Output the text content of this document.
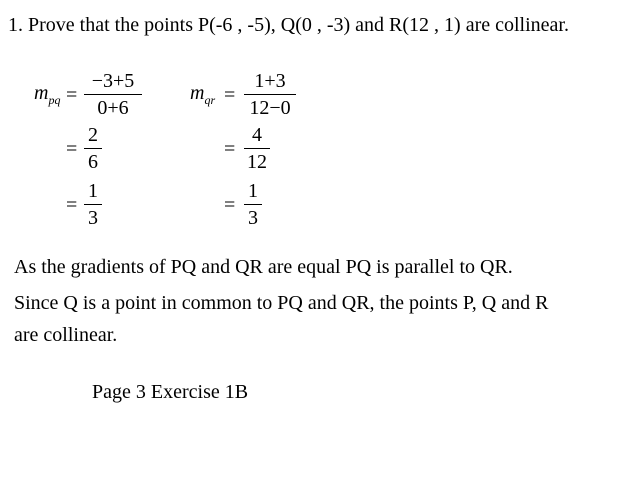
1. Prove that the points P(-6 , -5), Q(0 , -3) and R(12 , 1) are collinear.
$m_{pq}$ =
−3+5
0+6
=
2
6
=
1
3
$m_{qr}$ =
1+3
12−0
=
4
12
=
1
3
As the gradients of PQ and QR are equal PQ is parallel to QR.
Since Q is a point in common to PQ and QR, the points P, Q and R
are collinear.
Page 3 Exercise 1B
